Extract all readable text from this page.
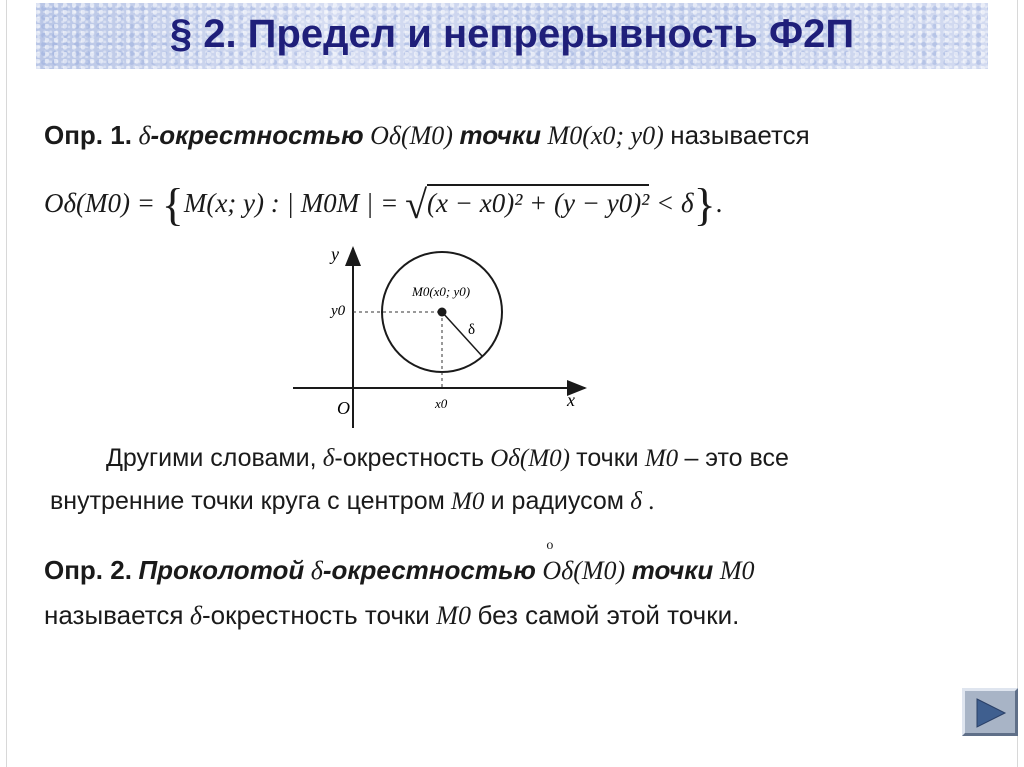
§ 2. Предел и непрерывность Ф2П
Опр. 1. δ-окрестностью Oδ(M0) точки M0(x0; y0) называется
Oδ(M0) = {M(x; y) : | M0M | = √(x − x0)² + (y − y0)² < δ}.
y
x
O	x0
y0
M0(x0; y0)
δ
Другими словами, δ-окрестность Oδ(M0) точки M0 – это все
внутренние точки круга с центром M0 и радиусом δ .
Опр. 2. Проколотой δ-окрестностью
o
Oδ(M0) точки M0
называется δ-окрестность точки M0 без самой этой точки.
